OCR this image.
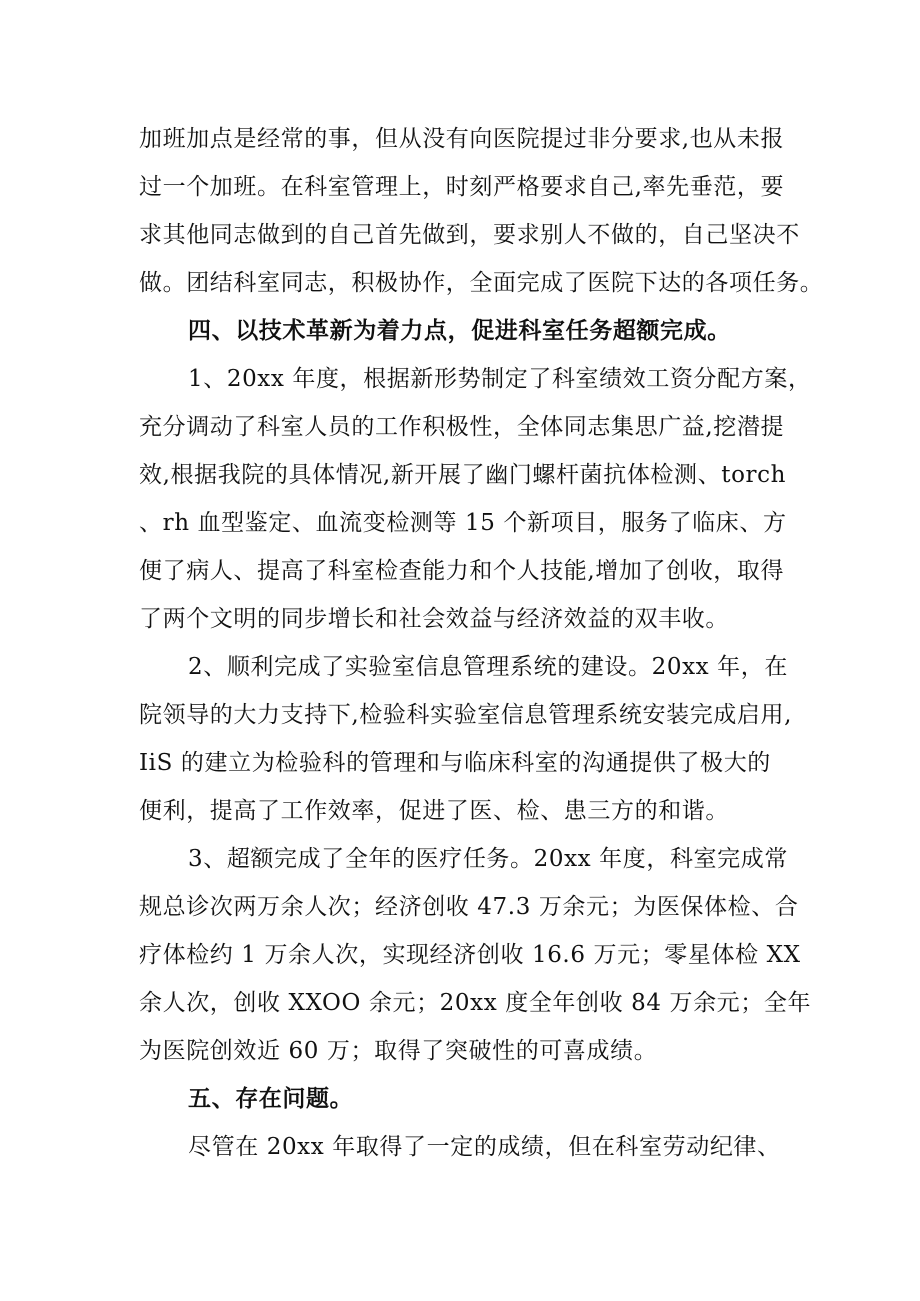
加班加点是经常的事，但从没有向医院提过非分要求,也从未报
过一个加班。在科室管理上，时刻严格要求自己,率先垂范，要
求其他同志做到的自己首先做到，要求别人不做的，自己坚决不
做。团结科室同志，积极协作，全面完成了医院下达的各项任务。
四、以技术革新为着力点，促进科室任务超额完成。
1、20xx 年度，根据新形势制定了科室绩效工资分配方案，
充分调动了科室人员的工作积极性，全体同志集思广益,挖潜提
效,根据我院的具体情况,新开展了幽门螺杆菌抗体检测、torch
、rh 血型鉴定、血流变检测等 15 个新项目，服务了临床、方
便了病人、提高了科室检查能力和个人技能,增加了创收，取得
了两个文明的同步增长和社会效益与经济效益的双丰收。
2、顺利完成了实验室信息管理系统的建设。20xx 年，在
院领导的大力支持下,检验科实验室信息管理系统安装完成启用,
IiS 的建立为检验科的管理和与临床科室的沟通提供了极大的
便利，提高了工作效率，促进了医、检、患三方的和谐。
3、超额完成了全年的医疗任务。20xx 年度，科室完成常
规总诊次两万余人次；经济创收 47.3 万余元；为医保体检、合
疗体检约 1 万余人次，实现经济创收 16.6 万元；零星体检 XX
余人次，创收 XXOO 余元；20xx 度全年创收 84 万余元；全年
为医院创效近 60 万；取得了突破性的可喜成绩。
五、存在问题。
尽管在 20xx 年取得了一定的成绩，但在科室劳动纪律、
